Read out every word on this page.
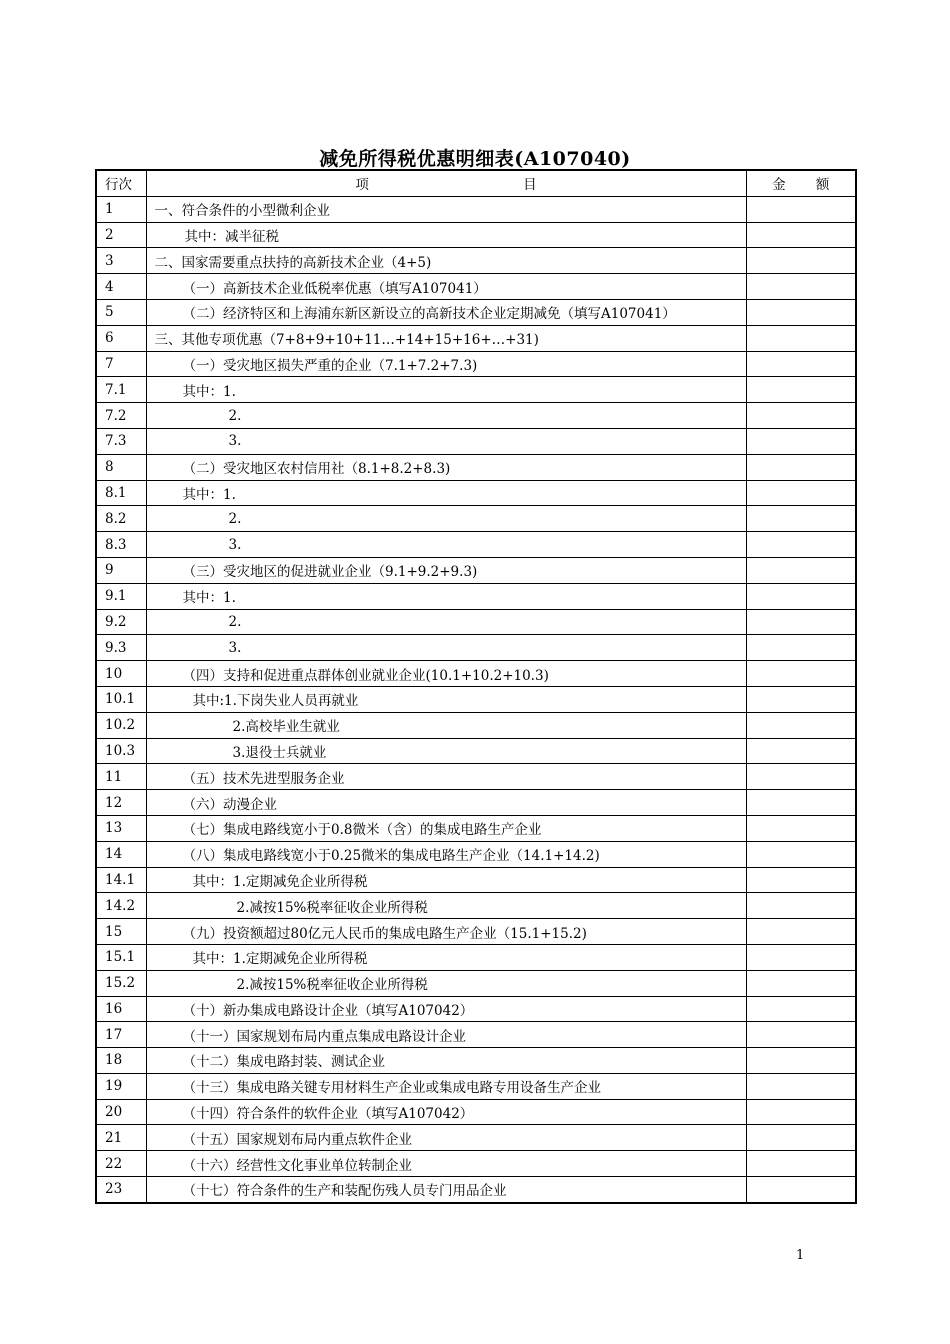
减免所得税优惠明细表(A107040)
行次	项 目	金 额
1	一、符合条件的小型微利企业	
2	其中：减半征税	
3	二、国家需要重点扶持的高新技术企业（4+5)	
4	（一）高新技术企业低税率优惠（填写A107041）	
5	（二）经济特区和上海浦东新区新设立的高新技术企业定期减免（填写A107041）	
6	三、其他专项优惠（7+8+9+10+11…+14+15+16+…+31)	
7	（一）受灾地区损失严重的企业（7.1+7.2+7.3)	
7.1	其中：1.	
7.2	2.	
7.3	3.	
8	（二）受灾地区农村信用社（8.1+8.2+8.3)	
8.1	其中：1.	
8.2	2.	
8.3	3.	
9	（三）受灾地区的促进就业企业（9.1+9.2+9.3)	
9.1	其中：1.	
9.2	2.	
9.3	3.	
10	（四）支持和促进重点群体创业就业企业(10.1+10.2+10.3)	
10.1	其中:1.下岗失业人员再就业	
10.2	2.高校毕业生就业	
10.3	3.退役士兵就业	
11	（五）技术先进型服务企业	
12	（六）动漫企业	
13	（七）集成电路线宽小于0.8微米（含）的集成电路生产企业	
14	（八）集成电路线宽小于0.25微米的集成电路生产企业（14.1+14.2)	
14.1	其中：1.定期减免企业所得税	
14.2	2.减按15%税率征收企业所得税	
15	（九）投资额超过80亿元人民币的集成电路生产企业（15.1+15.2)	
15.1	其中：1.定期减免企业所得税	
15.2	2.减按15%税率征收企业所得税	
16	（十）新办集成电路设计企业（填写A107042）	
17	（十一）国家规划布局内重点集成电路设计企业	
18	（十二）集成电路封装、测试企业	
19	（十三）集成电路关键专用材料生产企业或集成电路专用设备生产企业	
20	（十四）符合条件的软件企业（填写A107042）	
21	（十五）国家规划布局内重点软件企业	
22	（十六）经营性文化事业单位转制企业	
23	（十七）符合条件的生产和装配伤残人员专门用品企业	
1
